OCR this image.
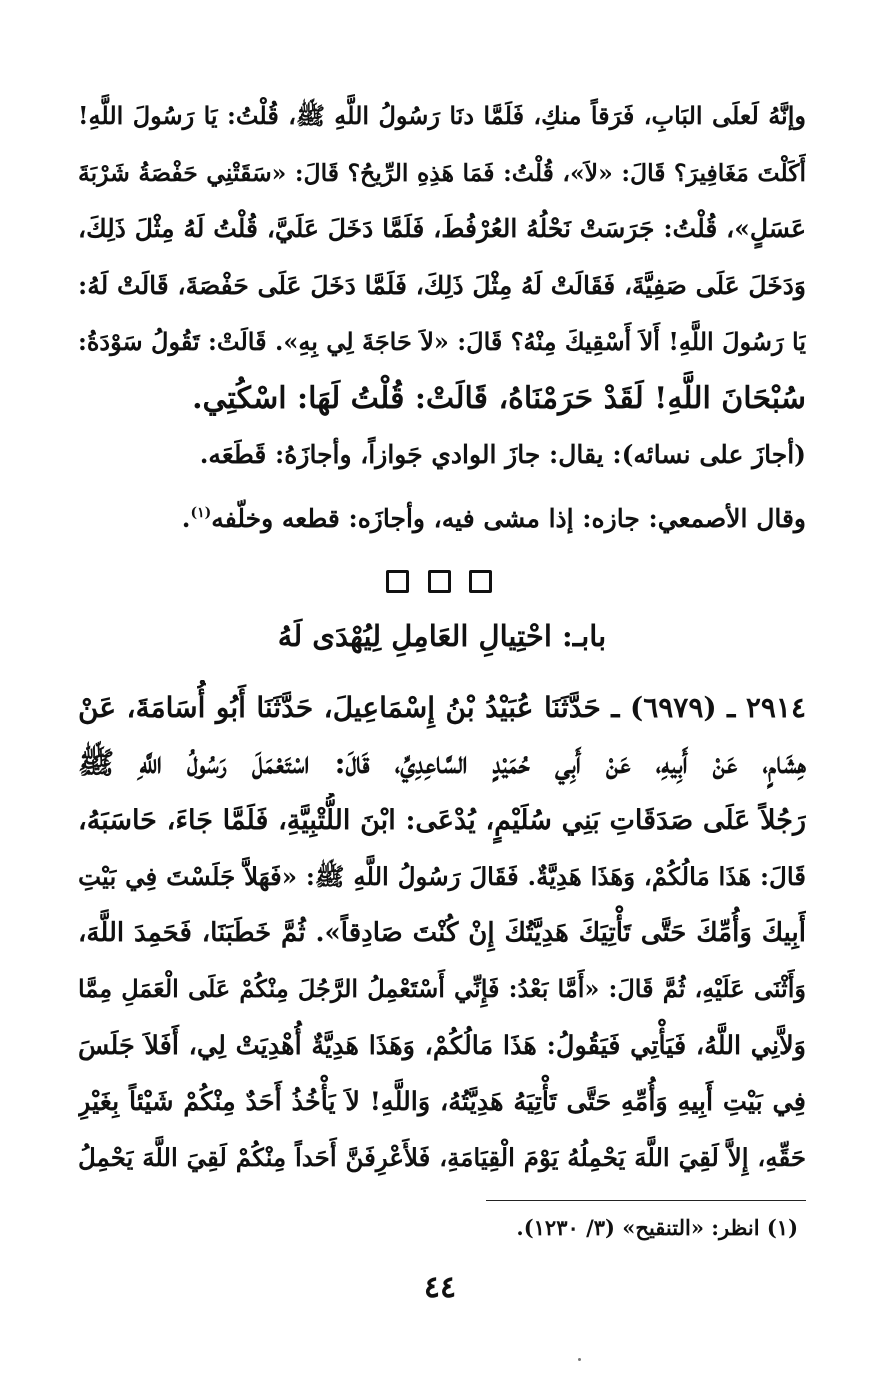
وإنَّهُ لَعلَى البَابِ، فَرَقاً منكِ، فَلَمَّا دنَا رَسُولُ اللَّهِ ﷺ، قُلْتُ: يَا رَسُولَ اللَّهِ!
أَكَلْتَ مَغَافِيرَ؟ قَالَ: «لاَ»، قُلْتُ: فَمَا هَذِهِ الرِّيحُ؟ قَالَ: «سَقَتْنِي حَفْصَةُ شَرْبَةَ
عَسَلٍ»، قُلْتُ: جَرَسَتْ نَحْلُهُ العُرْفُطَ، فَلَمَّا دَخَلَ عَلَيَّ، قُلْتُ لَهُ مِثْلَ ذَلِكَ،
وَدَخَلَ عَلَى صَفِيَّةَ، فَقَالَتْ لَهُ مِثْلَ ذَلِكَ، فَلَمَّا دَخَلَ عَلَى حَفْصَةَ، قَالَتْ لَهُ:
يَا رَسُولَ اللَّهِ! أَلاَ أَسْقِيكَ مِنْهُ؟ قَالَ: «لاَ حَاجَةَ لِي بِهِ». قَالَتْ: تَقُولُ سَوْدَةُ:
سُبْحَانَ اللَّهِ! لَقَدْ حَرَمْنَاهُ، قَالَتْ: قُلْتُ لَهَا: اسْكُتِي.
(أجازَ على نسائه): يقال: جازَ الوادي جَوازاً، وأجازَهُ: قَطَعَه.
وقال الأصمعي: جازه: إذا مشى فيه، وأجازَه: قطعه وخلّفه$^{(١)}$.
بابـ: احْتِيالِ العَامِلِ لِيُهْدَى لَهُ
٢٩١٤ ـ (٦٩٧٩) ـ حَدَّثَنَا عُبَيْدُ بْنُ إِسْمَاعِيلَ، حَدَّثَنَا أَبُو أُسَامَةَ، عَنْ
هِشَامٍ، عَنْ أَبِيهِ، عَنْ أَبِي حُمَيْدٍ السَّاعِدِيِّ، قَالَ: اسْتَعْمَلَ رَسُولُ اللَّهِ ﷺ
رَجُلاً عَلَى صَدَقَاتِ بَنِي سُلَيْمٍ، يُدْعَى: ابْنَ اللُّتْبِيَّةِ، فَلَمَّا جَاءَ، حَاسَبَهُ،
قَالَ: هَذَا مَالُكُمْ، وَهَذَا هَدِيَّةٌ. فَقَالَ رَسُولُ اللَّهِ ﷺ: «فَهَلاَّ جَلَسْتَ فِي بَيْتِ
أَبِيكَ وَأُمِّكَ حَتَّى تَأْتِيَكَ هَدِيَّتُكَ إِنْ كُنْتَ صَادِقاً». ثُمَّ خَطَبَنَا، فَحَمِدَ اللَّهَ،
وَأَثْنَى عَلَيْهِ، ثُمَّ قَالَ: «أَمَّا بَعْدُ: فَإِنِّي أَسْتَعْمِلُ الرَّجُلَ مِنْكُمْ عَلَى الْعَمَلِ مِمَّا
وَلاَّنِي اللَّهُ، فَيَأْتِي فَيَقُولُ: هَذَا مَالُكُمْ، وَهَذَا هَدِيَّةٌ أُهْدِيَتْ لِي، أَفَلاَ جَلَسَ
فِي بَيْتِ أَبِيهِ وَأُمِّهِ حَتَّى تَأْتِيَهُ هَدِيَّتُهُ، وَاللَّهِ! لاَ يَأْخُذُ أَحَدٌ مِنْكُمْ شَيْئاً بِغَيْرِ
حَقِّهِ، إِلاَّ لَقِيَ اللَّهَ يَحْمِلُهُ يَوْمَ الْقِيَامَةِ، فَلأَعْرِفَنَّ أَحَداً مِنْكُمْ لَقِيَ اللَّهَ يَحْمِلُ
(١) انظر: «التنقيح» (٣/ ١٢٣٠).
٤٤
